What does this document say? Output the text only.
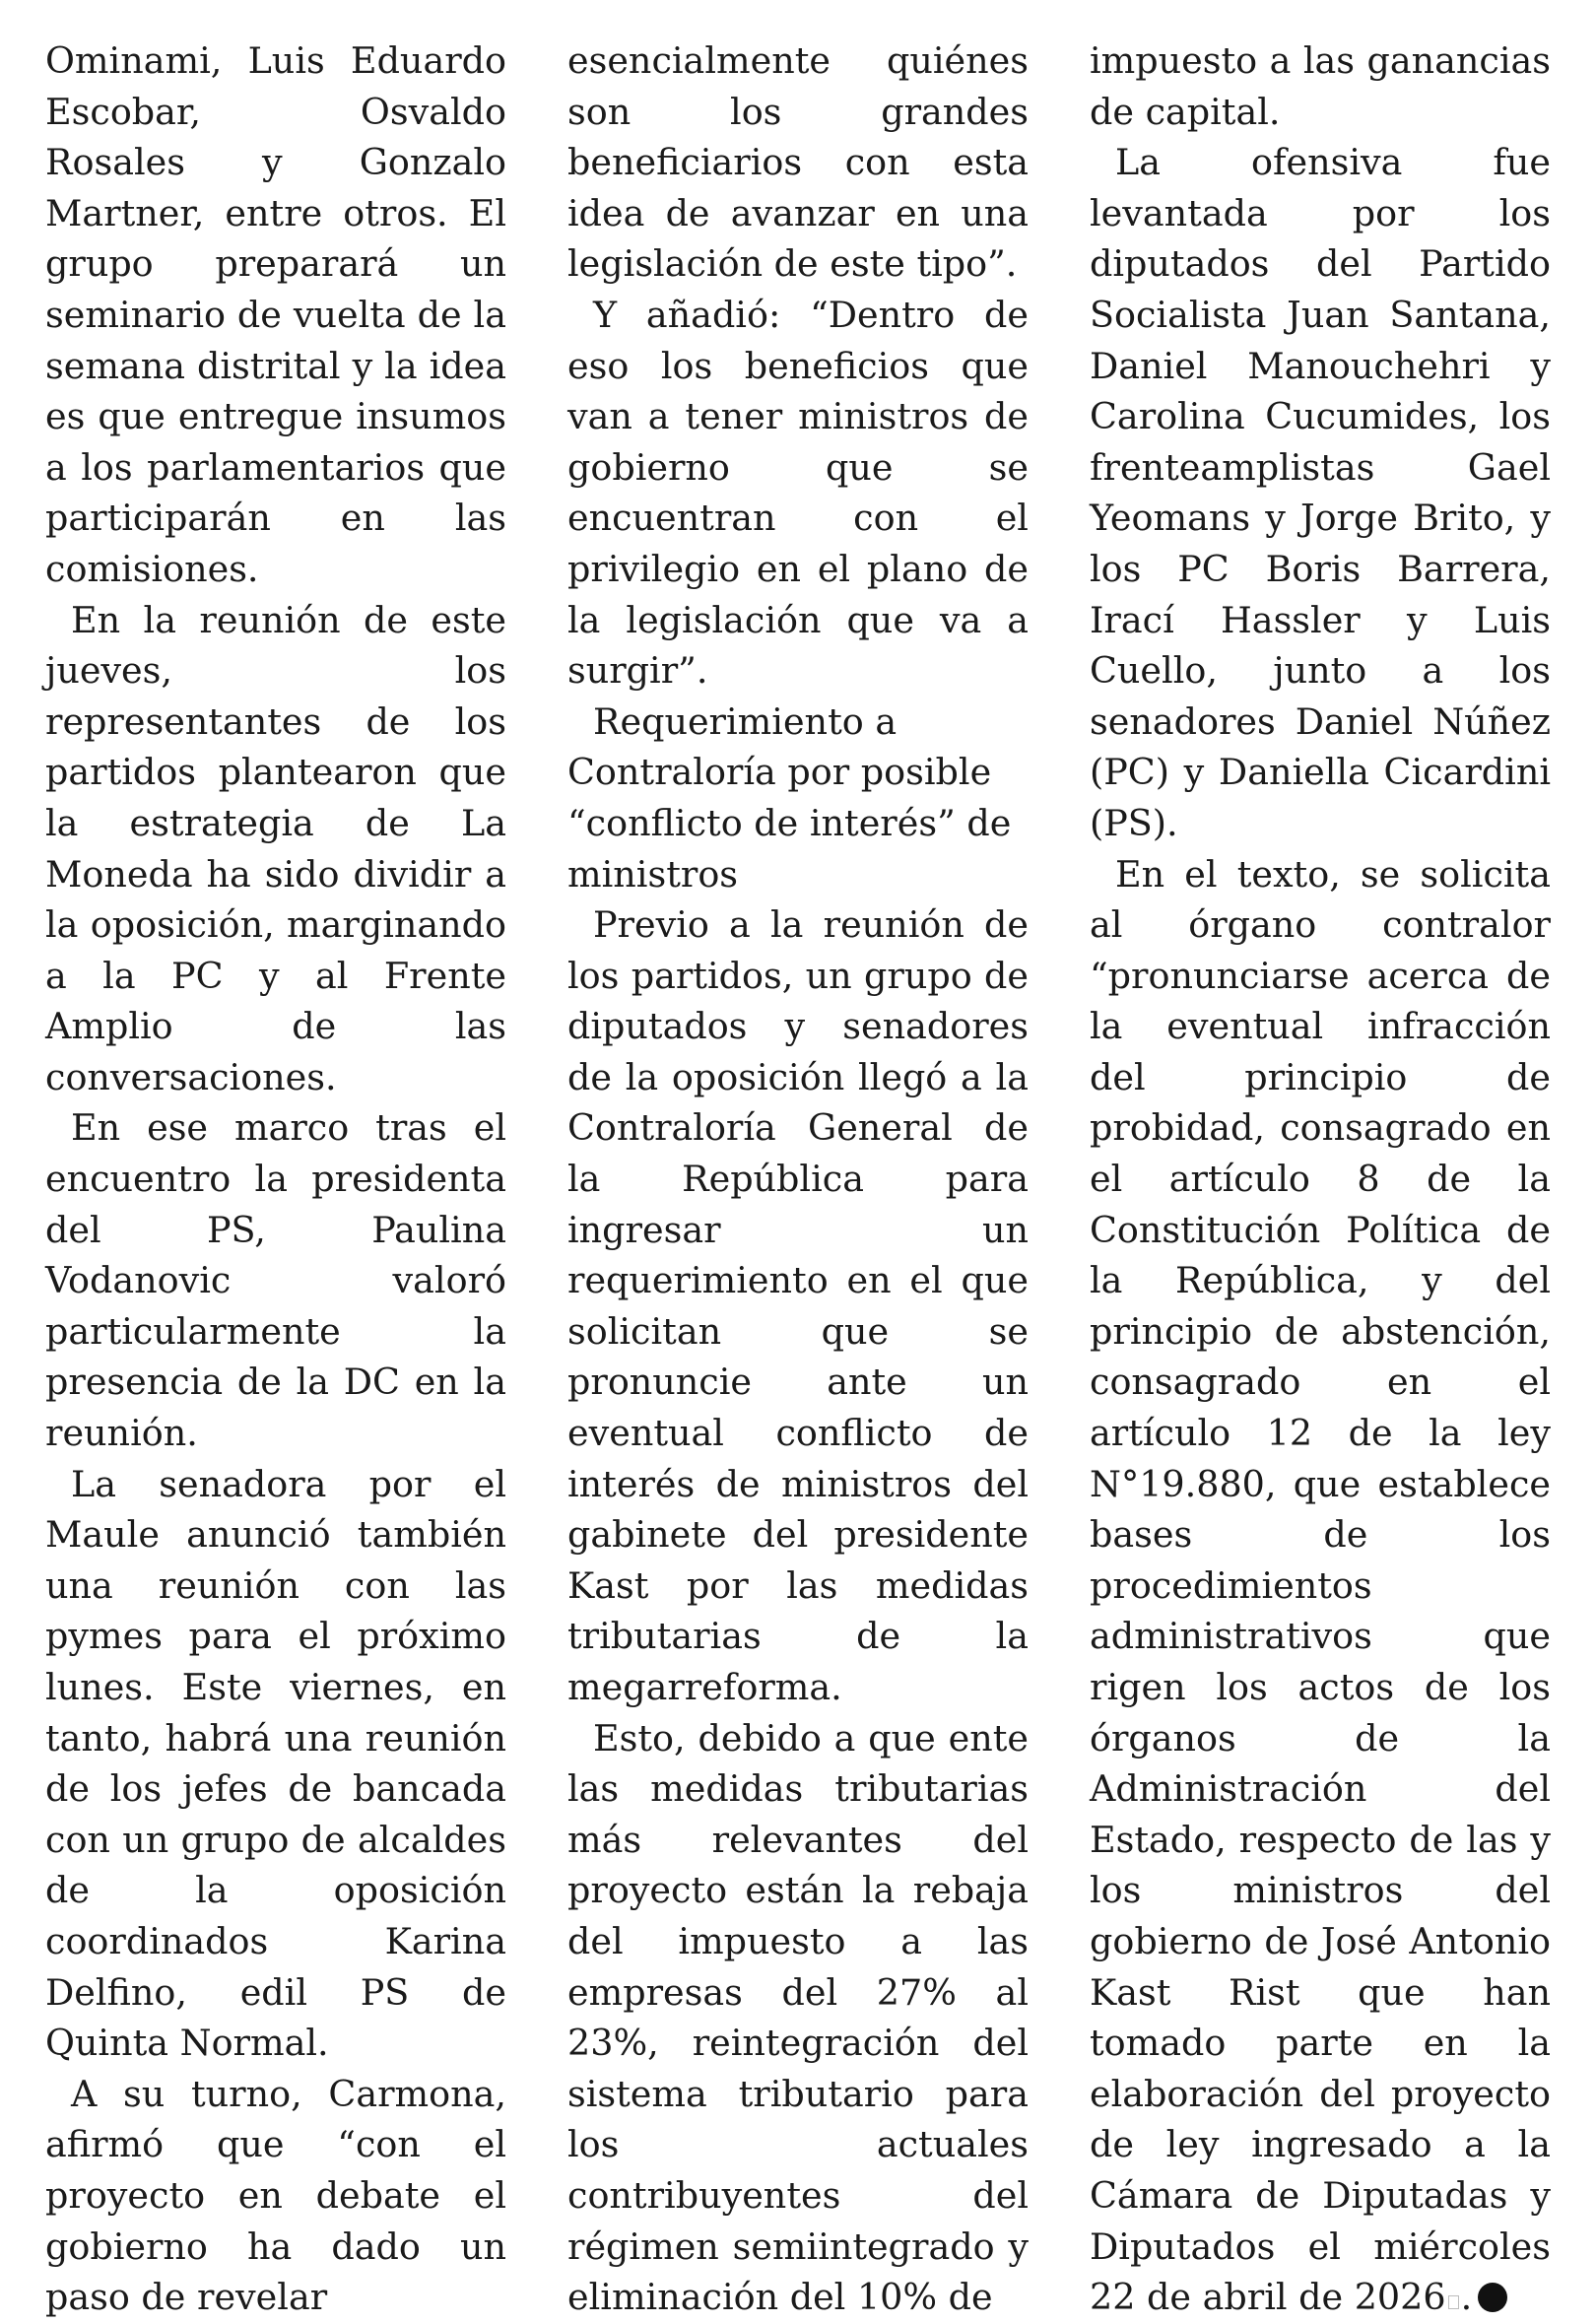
Ominami, Luis Eduardo Escobar, Osvaldo Rosales y Gonzalo Martner, entre otros. El grupo preparará un seminario de vuelta de la semana distrital y la idea es que entregue insumos a los parlamentarios que participarán en las comisiones.

En la reunión de este jueves, los representantes de los partidos plantearon que la estrategia de La Moneda ha sido dividir a la oposición, marginando a la PC y al Frente Amplio de las conversaciones.

En ese marco tras el encuentro la presidenta del PS, Paulina Vodanovic valoró particularmente la presencia de la DC en la reunión.

La senadora por el Maule anunció también una reunión con las pymes para el próximo lunes. Este viernes, en tanto, habrá una reunión de los jefes de bancada con un grupo de alcaldes de la oposición coordinados Karina Delfino, edil PS de Quinta Normal.

A su turno, Carmona, afirmó que “con el proyecto en debate el gobierno ha dado un paso de revelar

esencialmente quiénes son los grandes beneficiarios con esta idea de avanzar en una legislación de este tipo”.

Y añadió: “Dentro de eso los beneficios que van a tener ministros de gobierno que se encuentran con el privilegio en el plano de la legislación que va a surgir”.

Requerimiento a Contraloría por posible “conflicto de interés” de ministros

Previo a la reunión de los partidos, un grupo de diputados y senadores de la oposición llegó a la Contraloría General de la República para ingresar un requerimiento en el que solicitan que se pronuncie ante un eventual conflicto de interés de ministros del gabinete del presidente Kast por las medidas tributarias de la megarreforma.

Esto, debido a que ente las medidas tributarias más relevantes del proyecto están la rebaja del impuesto a las empresas del 27% al 23%, reintegración del sistema tributario para los actuales contribuyentes del régimen semiintegrado y eliminación del 10% de

impuesto a las ganancias de capital.

La ofensiva fue levantada por los diputados del Partido Socialista Juan Santana, Daniel Manouchehri y Carolina Cucumides, los frenteamplistas Gael Yeomans y Jorge Brito, y los PC Boris Barrera, Irací Hassler y Luis Cuello, junto a los senadores Daniel Núñez (PC) y Daniella Cicardini (PS).

En el texto, se solicita al órgano contralor “pronunciarse acerca de la eventual infracción del principio de probidad, consagrado en el artículo 8 de la Constitución Política de la República, y del principio de abstención, consagrado en el artículo 12 de la ley N°19.880, que establece bases de los procedimientos administrativos que rigen los actos de los órganos de la Administración del Estado, respecto de las y los ministros del gobierno de José Antonio Kast Rist que han tomado parte en la elaboración del proyecto de ley ingresado a la Cámara de Diputadas y Diputados el miércoles 22 de abril de 2026 .
